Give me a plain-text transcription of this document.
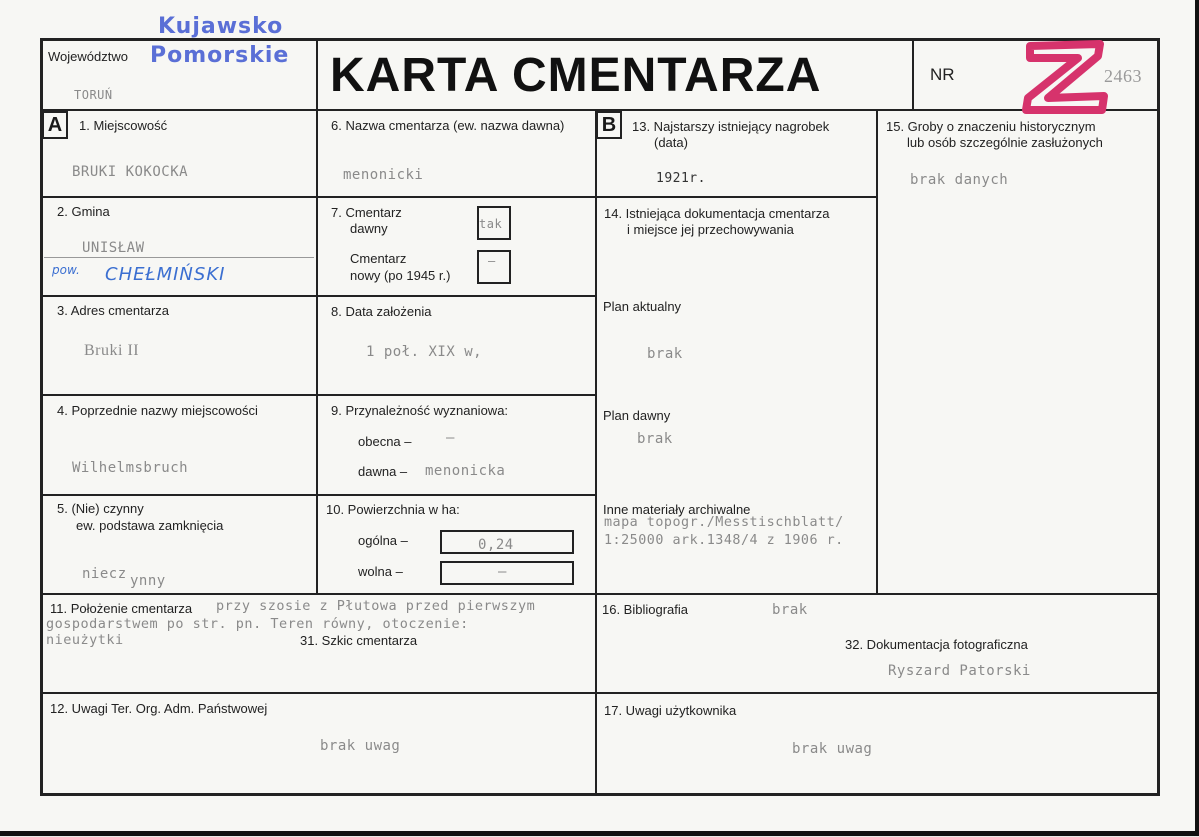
Województwo
Kujawsko
Pomorskie
TORUŃ	KARTA CMENTARZA	NR	2463
A	B
1. Miejscowość
BRUKI KOKOCKA
2. Gmina
UNISŁAW
pow. CHEŁMIŃSKI
3. Adres cmentarza
Bruki II
4. Poprzednie nazwy miejscowości
Wilhelmsbruch
5. (Nie) czynny
ew. podstawa zamknięcia
niecz ynny
6. Nazwa cmentarza (ew. nazwa dawna)
menonicki
7. Cmentarz
dawny	tak
Cmentarz
nowy (po 1945 r.)
–
8. Data założenia
1 poł. XIX w,
9. Przynależność wyznaniowa:
obecna – –
dawna – menonicka
10. Powierzchnia w ha:
ogólna –	0,24
wolna –	–
13. Najstarszy istniejący nagrobek
(data)
1921r.
14. Istniejąca dokumentacja cmentarza
i miejsce jej przechowywania
Plan aktualny
brak
Plan dawny
brak
Inne materiały archiwalne
mapa topogr./Messtischblatt/
1:25000 ark.1348/4 z 1906 r.
15. Groby o znaczeniu historycznym
lub osób szczególnie zasłużonych
brak danych
11. Położenie cmentarza przy szosie z Płutowa przed pierwszym
gospodarstwem po str. pn. Teren równy, otoczenie:
nieużytki	31. Szkic cmentarza
16. Bibliografia	brak
32. Dokumentacja fotograficzna
Ryszard Patorski
12. Uwagi Ter. Org. Adm. Państwowej
brak uwag
17. Uwagi użytkownika
brak uwag
